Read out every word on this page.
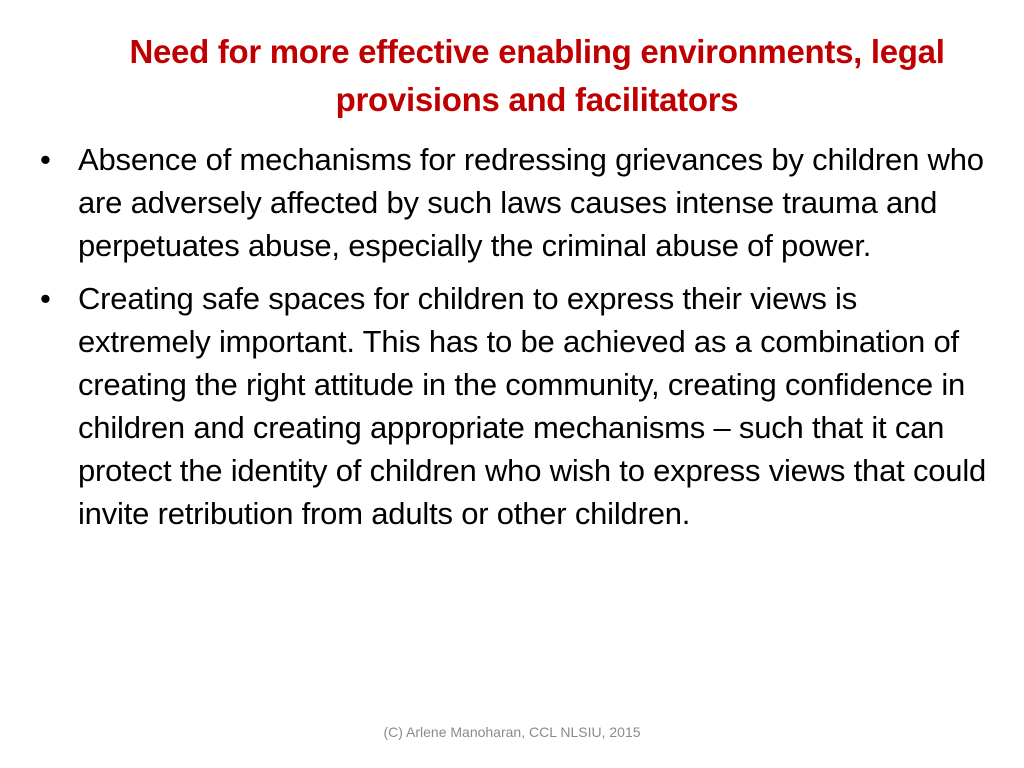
Need for more effective enabling environments, legal provisions and facilitators
• Absence of mechanisms for redressing grievances by children who are adversely affected by such laws causes intense trauma and perpetuates abuse, especially the criminal abuse of power.
• Creating safe spaces for children to express their views is extremely important. This has to be achieved as a combination of creating the right attitude in the community, creating confidence in children and creating appropriate mechanisms – such that it can protect the identity of children who wish to express views that could invite retribution from adults or other children.
(C) Arlene Manoharan, CCL NLSIU, 2015
